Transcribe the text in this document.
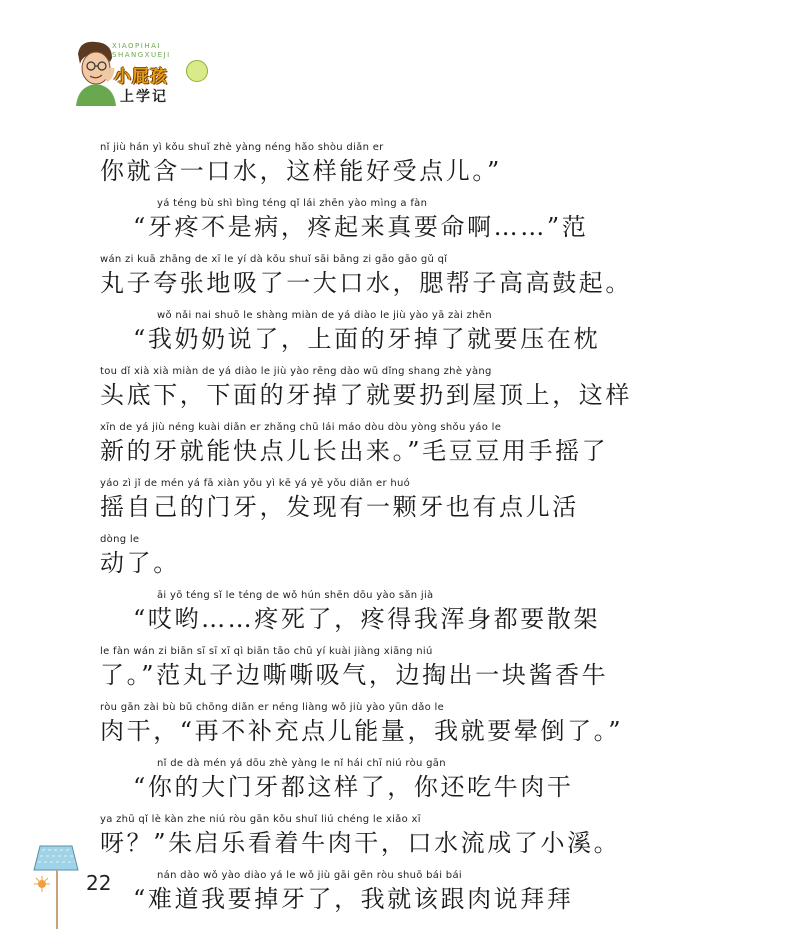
XIAOPIHAI
SHANGXUEJI
小屁孩
上学记
nǐ jiù hán yì kǒu shuǐ zhè yàng néng hǎo shòu diǎn er
你就含一口水，这样能好受点儿。”
yá téng bù shì bìng téng qǐ lái zhēn yào mìng a fàn
“牙疼不是病，疼起来真要命啊……”范
wán zi kuā zhāng de xī le yí dà kǒu shuǐ sāi bāng zi gāo gāo gǔ qǐ
丸子夸张地吸了一大口水，腮帮子高高鼓起。
wǒ nǎi nai shuō le shàng miàn de yá diào le jiù yào yā zài zhěn
“我奶奶说了，上面的牙掉了就要压在枕
tou dǐ xià xià miàn de yá diào le jiù yào rēng dào wū dǐng shang zhè yàng
头底下，下面的牙掉了就要扔到屋顶上，这样
xīn de yá jiù néng kuài diǎn er zhǎng chū lái máo dòu dòu yòng shǒu yáo le
新的牙就能快点儿长出来。”毛豆豆用手摇了
yáo zì jǐ de mén yá fā xiàn yǒu yì kē yá yě yǒu diǎn er huó
摇自己的门牙，发现有一颗牙也有点儿活
dòng le
动了。
āi yō téng sǐ le téng de wǒ hún shēn dōu yào sǎn jià
“哎哟……疼死了，疼得我浑身都要散架
le fàn wán zi biān sī sī xī qì biān tāo chū yí kuài jiàng xiāng niú
了。”范丸子边嘶嘶吸气，边掏出一块酱香牛
ròu gān zài bù bǔ chōng diǎn er néng liàng wǒ jiù yào yūn dǎo le
肉干，“再不补充点儿能量，我就要晕倒了。”
nǐ de dà mén yá dōu zhè yàng le nǐ hái chī niú ròu gān
“你的大门牙都这样了，你还吃牛肉干
ya zhū qǐ lè kàn zhe niú ròu gān kǒu shuǐ liú chéng le xiǎo xī
呀？”朱启乐看着牛肉干，口水流成了小溪。
nán dào wǒ yào diào yá le wǒ jiù gāi gēn ròu shuō bái bái
“难道我要掉牙了，我就该跟肉说拜拜
22
